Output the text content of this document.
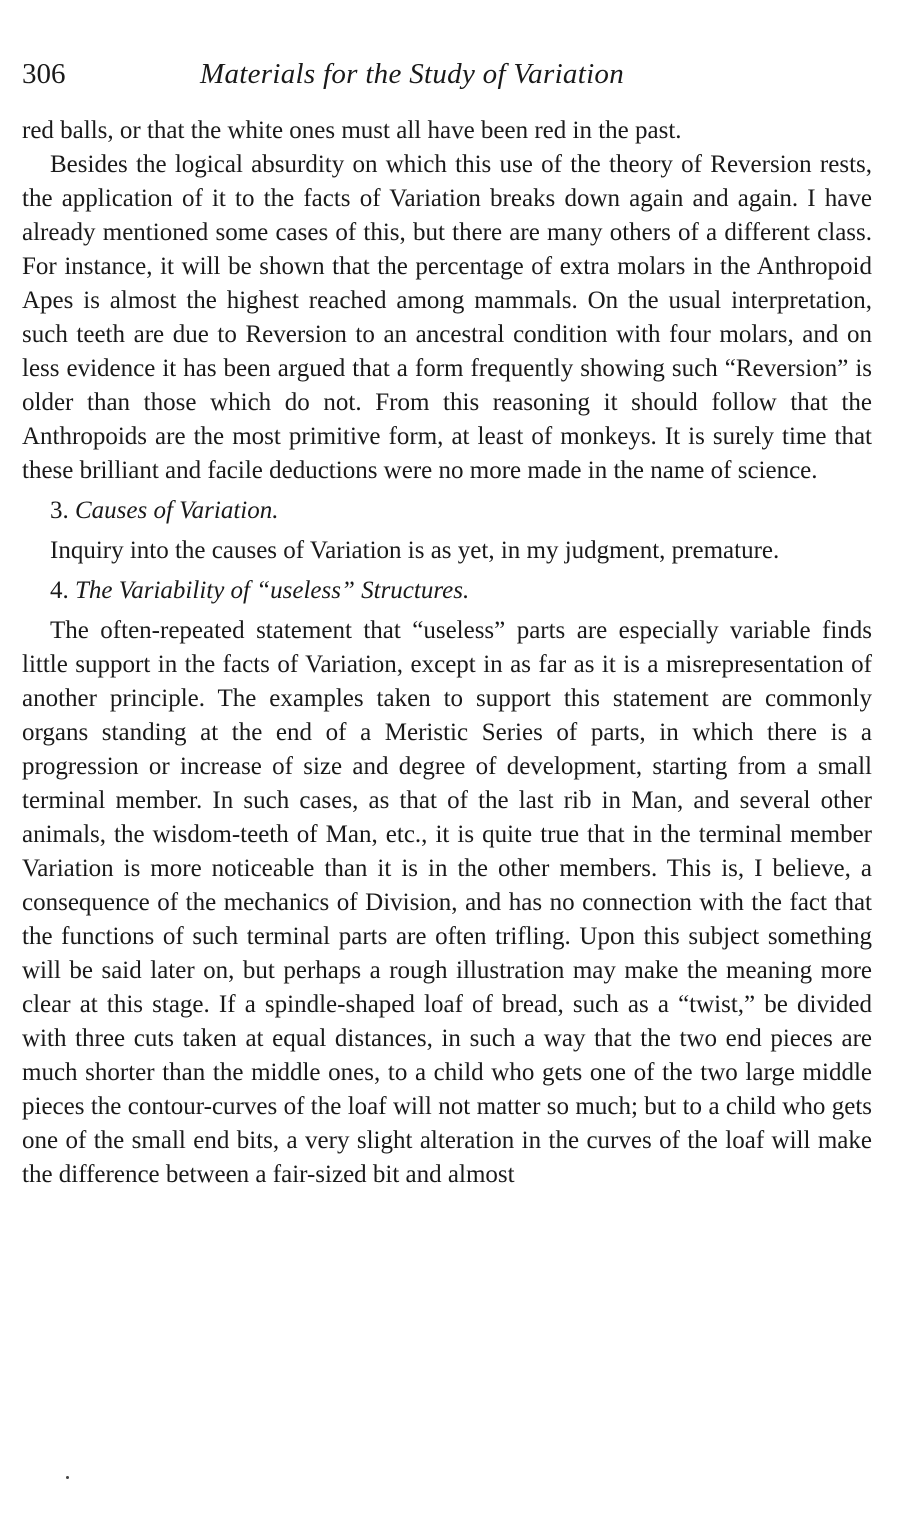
306	Materials for the Study of Variation

red balls, or that the white ones must all have been red in the past.

Besides the logical absurdity on which this use of the theory of Reversion rests, the application of it to the facts of Variation breaks down again and again. I have already mentioned some cases of this, but there are many others of a different class. For instance, it will be shown that the percentage of extra molars in the Anthropoid Apes is almost the highest reached among mammals. On the usual interpretation, such teeth are due to Reversion to an ancestral condition with four molars, and on less evidence it has been argued that a form frequently showing such “Reversion” is older than those which do not. From this reasoning it should follow that the Anthropoids are the most primitive form, at least of monkeys. It is surely time that these brilliant and facile deductions were no more made in the name of science.

3. Causes of Variation.

Inquiry into the causes of Variation is as yet, in my judgment, premature.

4. The Variability of “useless” Structures.

The often-repeated statement that “useless” parts are especially variable finds little support in the facts of Variation, except in as far as it is a misrepresentation of another principle. The examples taken to support this statement are commonly organs standing at the end of a Meristic Series of parts, in which there is a progression or increase of size and degree of development, starting from a small terminal member. In such cases, as that of the last rib in Man, and several other animals, the wisdom-teeth of Man, etc., it is quite true that in the terminal member Variation is more noticeable than it is in the other members. This is, I believe, a consequence of the mechanics of Division, and has no connection with the fact that the functions of such terminal parts are often trifling. Upon this subject something will be said later on, but perhaps a rough illustration may make the meaning more clear at this stage. If a spindle-shaped loaf of bread, such as a “twist,” be divided with three cuts taken at equal distances, in such a way that the two end pieces are much shorter than the middle ones, to a child who gets one of the two large middle pieces the contour-curves of the loaf will not matter so much; but to a child who gets one of the small end bits, a very slight alteration in the curves of the loaf will make the difference between a fair-sized bit and almost
